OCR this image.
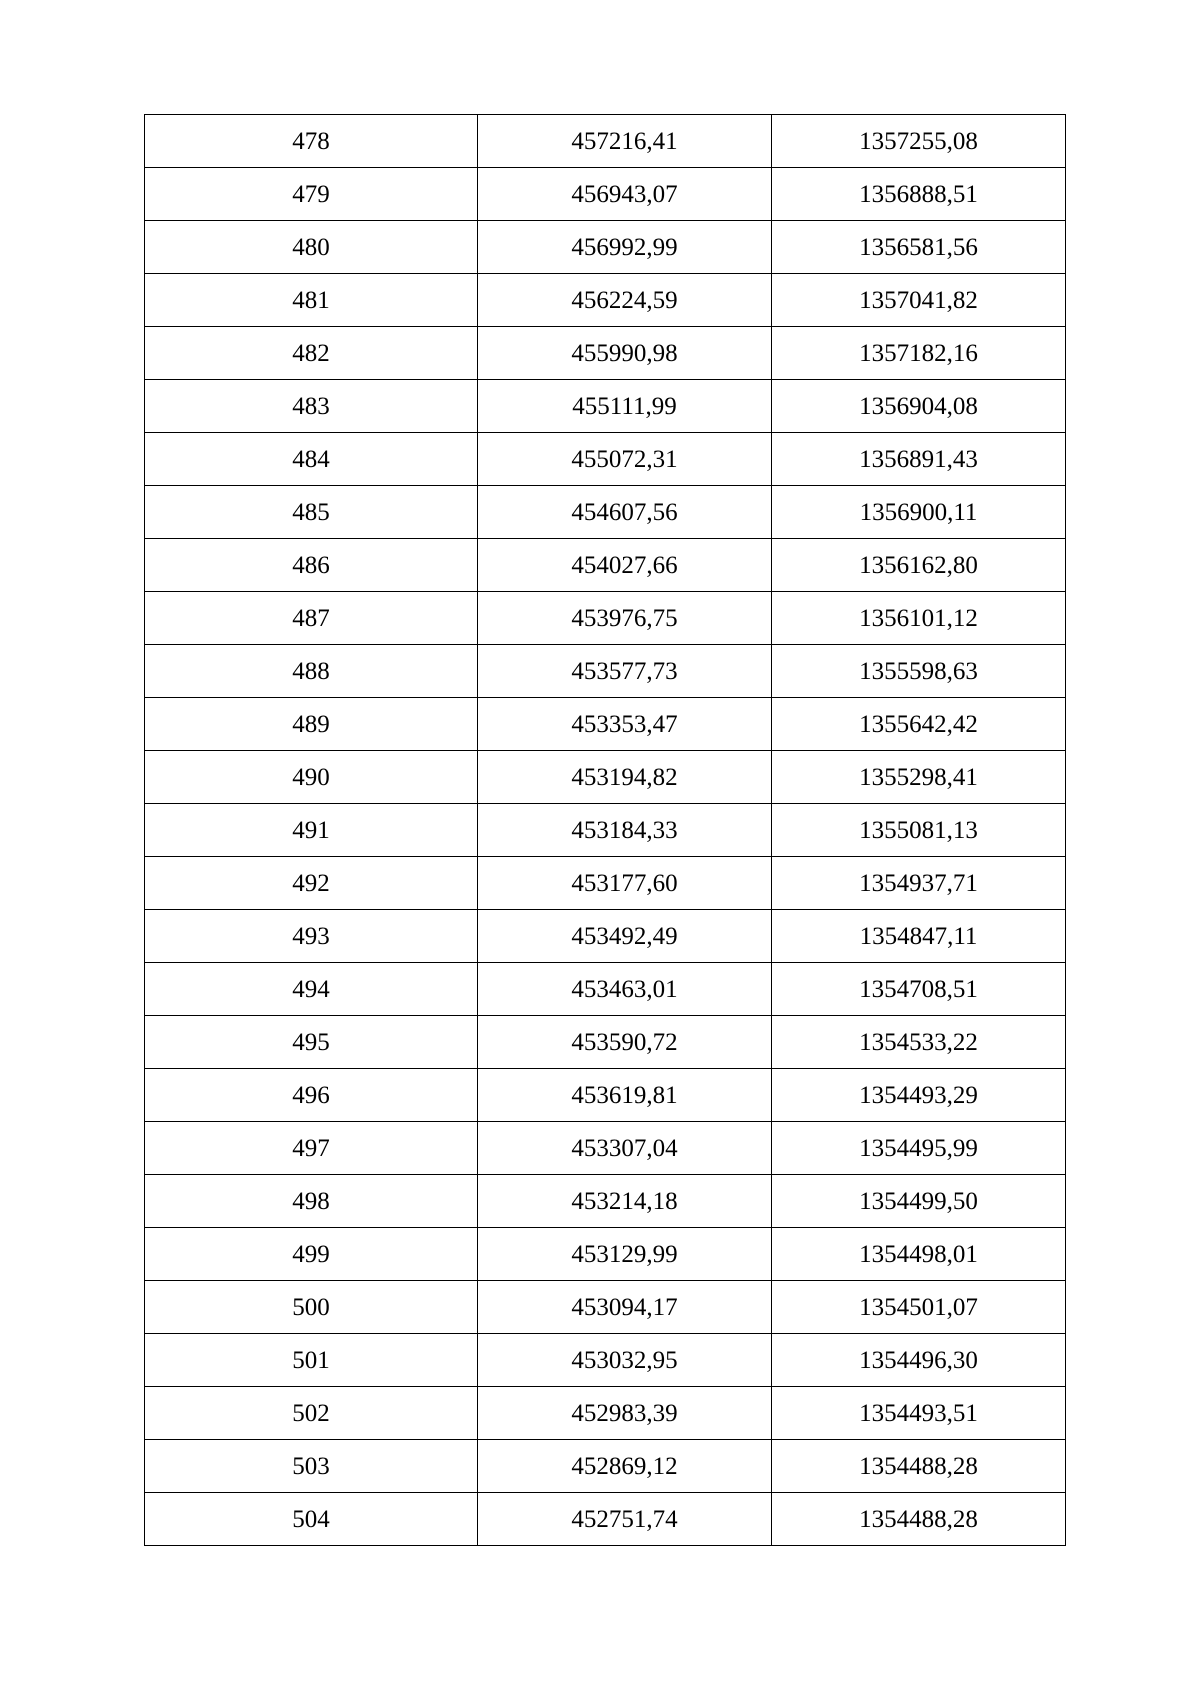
478	457216,41	1357255,08
479	456943,07	1356888,51
480	456992,99	1356581,56
481	456224,59	1357041,82
482	455990,98	1357182,16
483	455111,99	1356904,08
484	455072,31	1356891,43
485	454607,56	1356900,11
486	454027,66	1356162,80
487	453976,75	1356101,12
488	453577,73	1355598,63
489	453353,47	1355642,42
490	453194,82	1355298,41
491	453184,33	1355081,13
492	453177,60	1354937,71
493	453492,49	1354847,11
494	453463,01	1354708,51
495	453590,72	1354533,22
496	453619,81	1354493,29
497	453307,04	1354495,99
498	453214,18	1354499,50
499	453129,99	1354498,01
500	453094,17	1354501,07
501	453032,95	1354496,30
502	452983,39	1354493,51
503	452869,12	1354488,28
504	452751,74	1354488,28
